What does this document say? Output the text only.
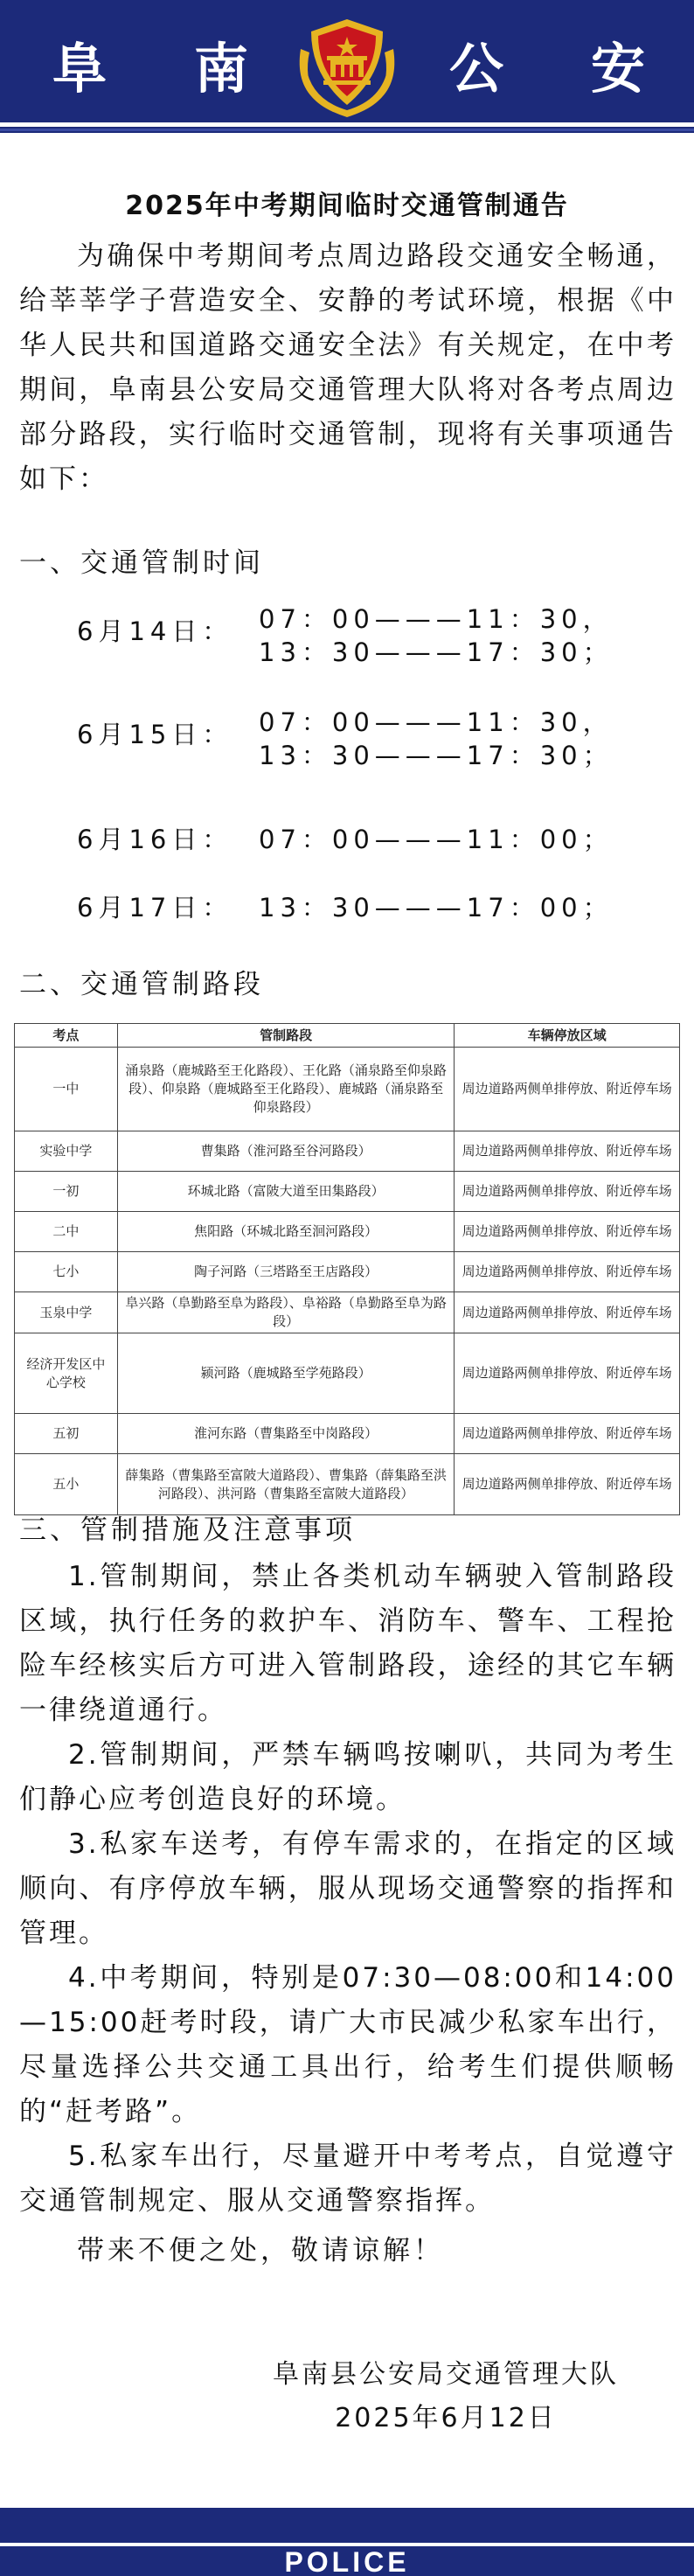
阜 南	公 安
2025年中考期间临时交通管制通告
为确保中考期间考点周边路段交通安全畅通，给莘莘学子营造安全、安静的考试环境，根据《中华人民共和国道路交通安全法》有关规定，在中考期间，阜南县公安局交通管理大队将对各考点周边部分路段，实行临时交通管制，现将有关事项通告如下：
一、交通管制时间
6月14日： 07：00———11：30，
13：30———17：30；
6月15日： 07：00———11：30，
13：30———17：30；
6月16日： 07：00———11：00；
6月17日： 13：30———17：00；
二、交通管制路段
考点	管制路段	车辆停放区域
一中	涌泉路（鹿城路至王化路段）、王化路（涌泉路至仰泉路段）、仰泉路（鹿城路至王化路段）、鹿城路（涌泉路至仰泉路段）	周边道路两侧单排停放、附近停车场
实验中学	曹集路（淮河路至谷河路段）	周边道路两侧单排停放、附近停车场
一初	环城北路（富陂大道至田集路段）	周边道路两侧单排停放、附近停车场
二中	焦阳路（环城北路至洄河路段）	周边道路两侧单排停放、附近停车场
七小	陶子河路（三塔路至王店路段）	周边道路两侧单排停放、附近停车场
玉泉中学	阜兴路（阜勤路至阜为路段）、阜裕路（阜勤路至阜为路段）	周边道路两侧单排停放、附近停车场
经济开发区中心学校	颍河路（鹿城路至学苑路段）	周边道路两侧单排停放、附近停车场
五初	淮河东路（曹集路至中岗路段）	周边道路两侧单排停放、附近停车场
五小	薛集路（曹集路至富陂大道路段）、曹集路（薛集路至洪河路段）、洪河路（曹集路至富陂大道路段）	周边道路两侧单排停放、附近停车场
三、管制措施及注意事项

1.管制期间，禁止各类机动车辆驶入管制路段区域，执行任务的救护车、消防车、警车、工程抢险车经核实后方可进入管制路段，途经的其它车辆一律绕道通行。

2.管制期间，严禁车辆鸣按喇叭，共同为考生们静心应考创造良好的环境。

3.私家车送考，有停车需求的，在指定的区域顺向、有序停放车辆，服从现场交通警察的指挥和管理。

4.中考期间，特别是07:30—08:00和14:00—15:00赶考时段，请广大市民减少私家车出行，尽量选择公共交通工具出行，给考生们提供顺畅的“赶考路”。

5.私家车出行，尽量避开中考考点，自觉遵守交通管制规定、服从交通警察指挥。

带来不便之处，敬请谅解！
阜南县公安局交通管理大队
2025年6月12日
POLICE
